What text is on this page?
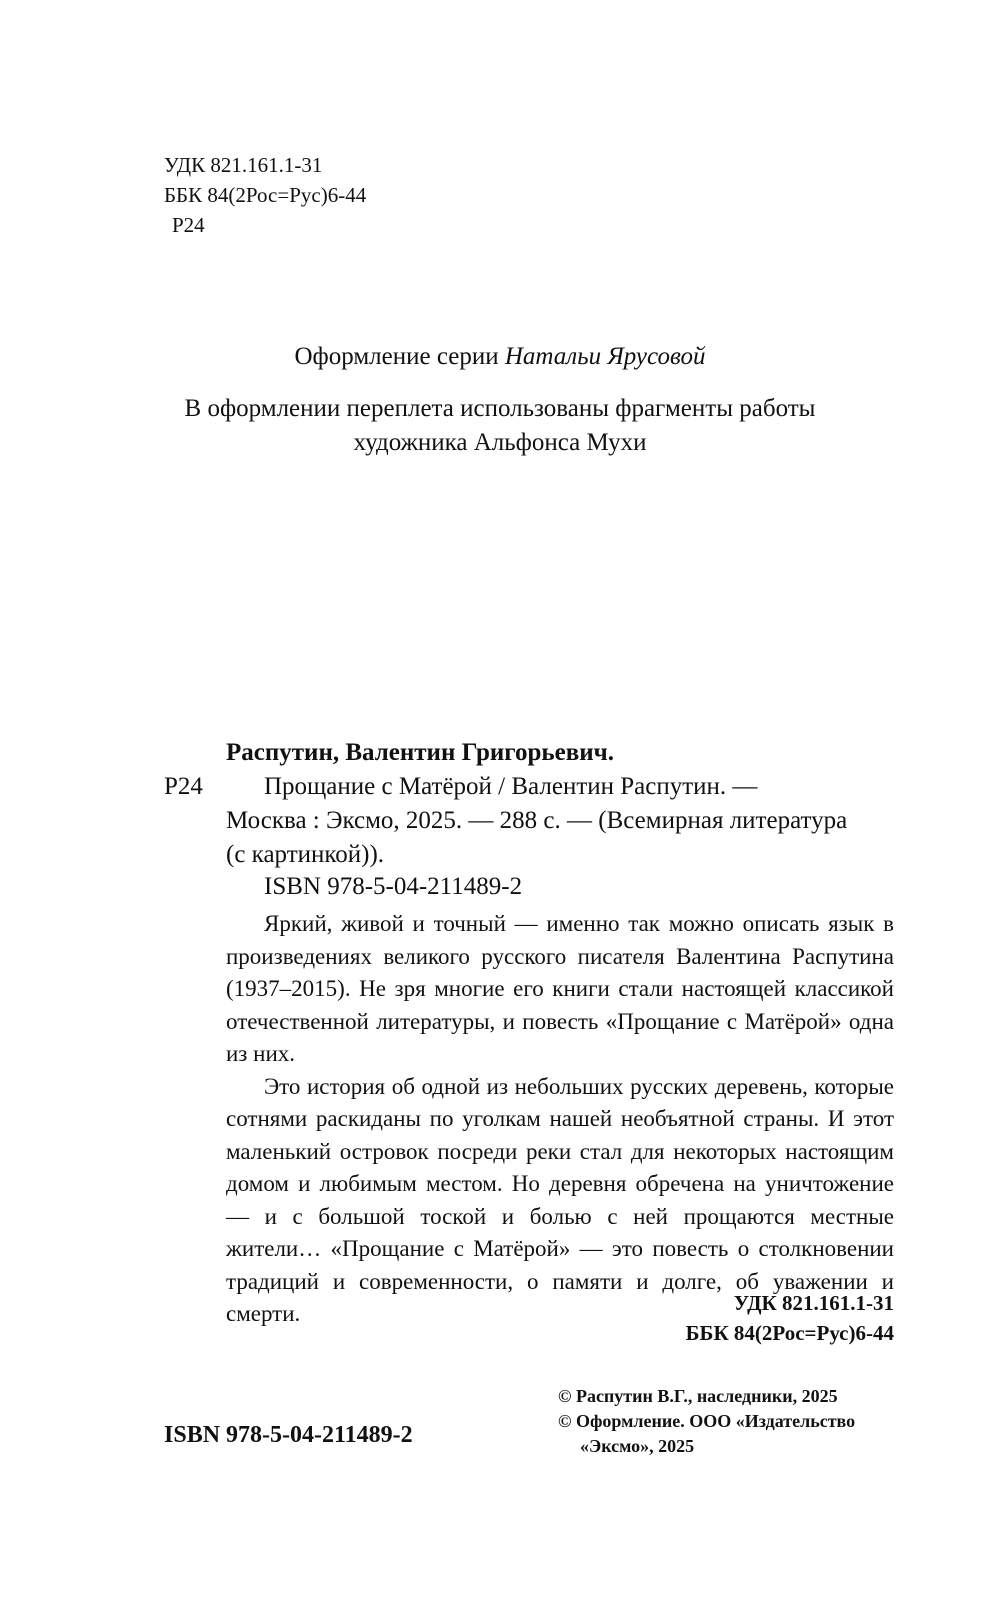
УДК 821.161.1-31
ББК 84(2Рос=Рус)6-44
Р24
Оформление серии Натальи Ярусовой
В оформлении переплета использованы фрагменты работы
художника Альфонса Мухи
Распутин, Валентин Григорьевич.
Р24	Прощание с Матёрой / Валентин Распутин. —

Москва : Эксмо, 2025. — 288 с. — (Всемирная литература

(с картинкой)).

ISBN 978-5-04-211489-2

Яркий, живой и точный — именно так можно описать язык в произведениях великого русского писателя Валентина Распутина (1937–2015). Не зря многие его книги стали настоящей классикой отечественной литературы, и повесть «Прощание с Матёрой» одна из них.

Это история об одной из небольших русских деревень, которые сотнями раскиданы по уголкам нашей необъятной страны. И этот маленький островок посреди реки стал для некоторых настоящим домом и любимым местом. Но деревня обречена на уничтожение — и с большой тоской и болью с ней прощаются местные жители… «Прощание с Матёрой» — это повесть о столкновении традиций и современности, о памяти и долге, об уважении и смерти.	УДК 821.161.1-31
ББК 84(2Рос=Рус)6-44
ISBN 978-5-04-211489-2
© Распутин В.Г., наследники, 2025
© Оформление. ООО «Издательство
«Эксмо», 2025
